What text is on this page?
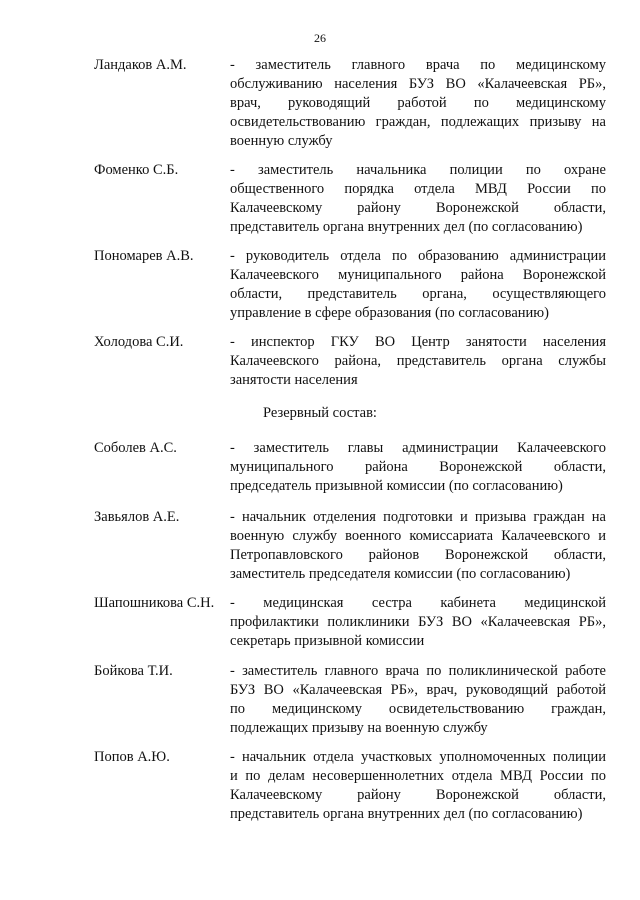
26
Ландаков А.М.	- заместитель главного врача по медицинскому
обслуживанию населения БУЗ ВО «Калачеевская РБ»,
врач, руководящий работой по медицинскому
освидетельствованию граждан, подлежащих призыву на
военную службу
Фоменко С.Б.	- заместитель начальника полиции по охране
общественного порядка отдела МВД России по
Калачеевскому району Воронежской области,
представитель органа внутренних дел (по согласованию)
Пономарев А.В.	- руководитель отдела по образованию администрации
Калачеевского муниципального района Воронежской
области, представитель органа, осуществляющего
управление в сфере образования (по согласованию)
Холодова С.И.	- инспектор ГКУ ВО Центр занятости населения
Калачеевского района, представитель органа службы
занятости населения
Резервный состав:
Соболев А.С.	- заместитель главы администрации Калачеевского
муниципального района Воронежской области,
председатель призывной комиссии (по согласованию)
Завьялов А.Е.	- начальник отделения подготовки и призыва граждан на
военную службу военного комиссариата Калачеевского и
Петропавловского районов Воронежской области,
заместитель председателя комиссии (по согласованию)
Шапошникова С.Н. - медицинская сестра кабинета медицинской
профилактики поликлиники БУЗ ВО «Калачеевская РБ»,
секретарь призывной комиссии
Бойкова Т.И.	- заместитель главного врача по поликлинической работе
БУЗ ВО «Калачеевская РБ», врач, руководящий работой
по медицинскому освидетельствованию граждан,
подлежащих призыву на военную службу
Попов А.Ю.	- начальник отдела участковых уполномоченных полиции
и по делам несовершеннолетних отдела МВД России по
Калачеевскому району Воронежской области,
представитель органа внутренних дел (по согласованию)
